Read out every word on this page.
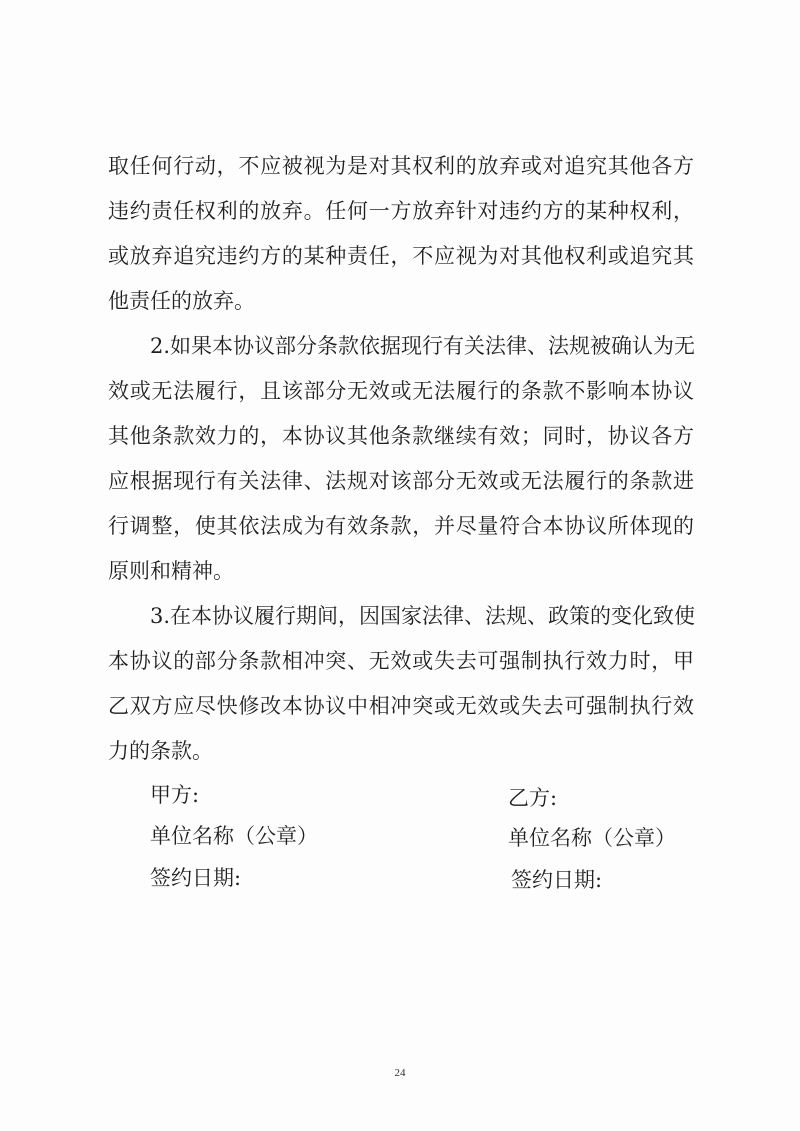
取任何行动，不应被视为是对其权利的放弃或对追究其他各方
违约责任权利的放弃。任何一方放弃针对违约方的某种权利，
或放弃追究违约方的某种责任，不应视为对其他权利或追究其
他责任的放弃。
2.如果本协议部分条款依据现行有关法律、法规被确认为无
效或无法履行，且该部分无效或无法履行的条款不影响本协议
其他条款效力的，本协议其他条款继续有效；同时，协议各方
应根据现行有关法律、法规对该部分无效或无法履行的条款进
行调整，使其依法成为有效条款，并尽量符合本协议所体现的
原则和精神。
3.在本协议履行期间，因国家法律、法规、政策的变化致使
本协议的部分条款相冲突、无效或失去可强制执行效力时，甲
乙双方应尽快修改本协议中相冲突或无效或失去可强制执行效
力的条款。
甲方:
单位名称（公章）
签约日期:
乙方:
单位名称（公章）
签约日期:
24
